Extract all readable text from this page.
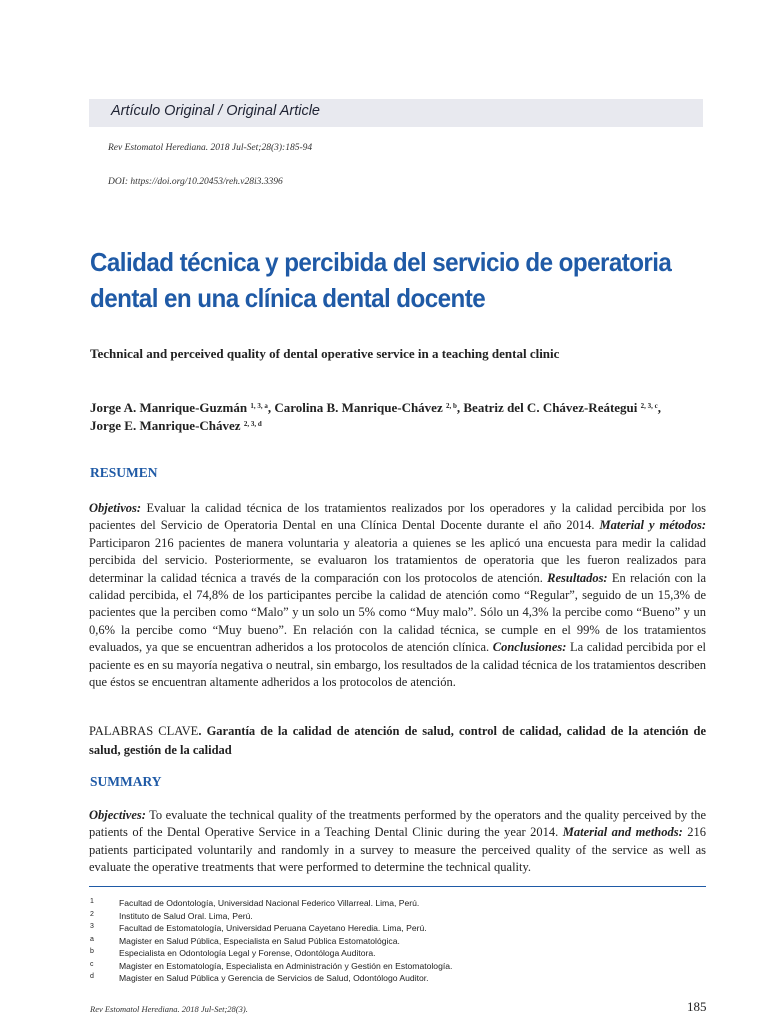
Artículo Original / Original Article
Rev Estomatol Herediana. 2018 Jul-Set;28(3):185-94
DOI: https://doi.org/10.20453/reh.v28i3.3396
Calidad técnica y percibida del servicio de operatoria dental en una clínica dental docente

Technical and perceived quality of dental operative service in a teaching dental clinic

Jorge A. Manrique-Guzmán $^{1, 3, a}$, Carolina B. Manrique-Chávez $^{2, b}$, Beatriz del C. Chávez-Reátegui $^{2, 3, c}$,
Jorge E. Manrique-Chávez $^{2, 3, d}$

RESUMEN

Objetivos: Evaluar la calidad técnica de los tratamientos realizados por los operadores y la calidad percibida por los pacientes del Servicio de Operatoria Dental en una Clínica Dental Docente durante el año 2014. Material y métodos: Participaron 216 pacientes de manera voluntaria y aleatoria a quienes se les aplicó una encuesta para medir la calidad percibida del servicio. Posteriormente, se evaluaron los tratamientos de operatoria que les fueron realizados para determinar la calidad técnica a través de la comparación con los protocolos de atención. Resultados: En relación con la calidad percibida, el 74,8% de los participantes percibe la calidad de atención como “Regular”, seguido de un 15,3% de pacientes que la perciben como “Malo” y un solo un 5% como “Muy malo”. Sólo un 4,3% la percibe como “Bueno” y un 0,6% la percibe como “Muy bueno”. En relación con la calidad técnica, se cumple en el 99% de los tratamientos evaluados, ya que se encuentran adheridos a los protocolos de atención clínica. Conclusiones: La calidad percibida por el paciente es en su mayoría negativa o neutral, sin embargo, los resultados de la calidad técnica de los tratamientos describen que éstos se encuentran altamente adheridos a los protocolos de atención.

PALABRAS CLAVE. Garantía de la calidad de atención de salud, control de calidad, calidad de la atención de salud, gestión de la calidad

SUMMARY

Objectives: To evaluate the technical quality of the treatments performed by the operators and the quality perceived by the patients of the Dental Operative Service in a Teaching Dental Clinic during the year 2014. Material and methods: 216 patients participated voluntarily and randomly in a survey to measure the perceived quality of the service as well as evaluate the operative treatments that were performed to determine the technical quality.

1	Facultad de Odontología, Universidad Nacional Federico Villarreal. Lima, Perú.
2	Instituto de Salud Oral. Lima, Perú.
3	Facultad de Estomatología, Universidad Peruana Cayetano Heredia. Lima, Perú.
a	Magister en Salud Pública, Especialista en Salud Pública Estomatológica.
b	Especialista en Odontología Legal y Forense, Odontóloga Auditora.
c	Magister en Estomatología, Especialista en Administración y Gestión en Estomatología.
d	Magister en Salud Pública y Gerencia de Servicios de Salud, Odontólogo Auditor.
Rev Estomatol Herediana. 2018 Jul-Set;28(3).	185
